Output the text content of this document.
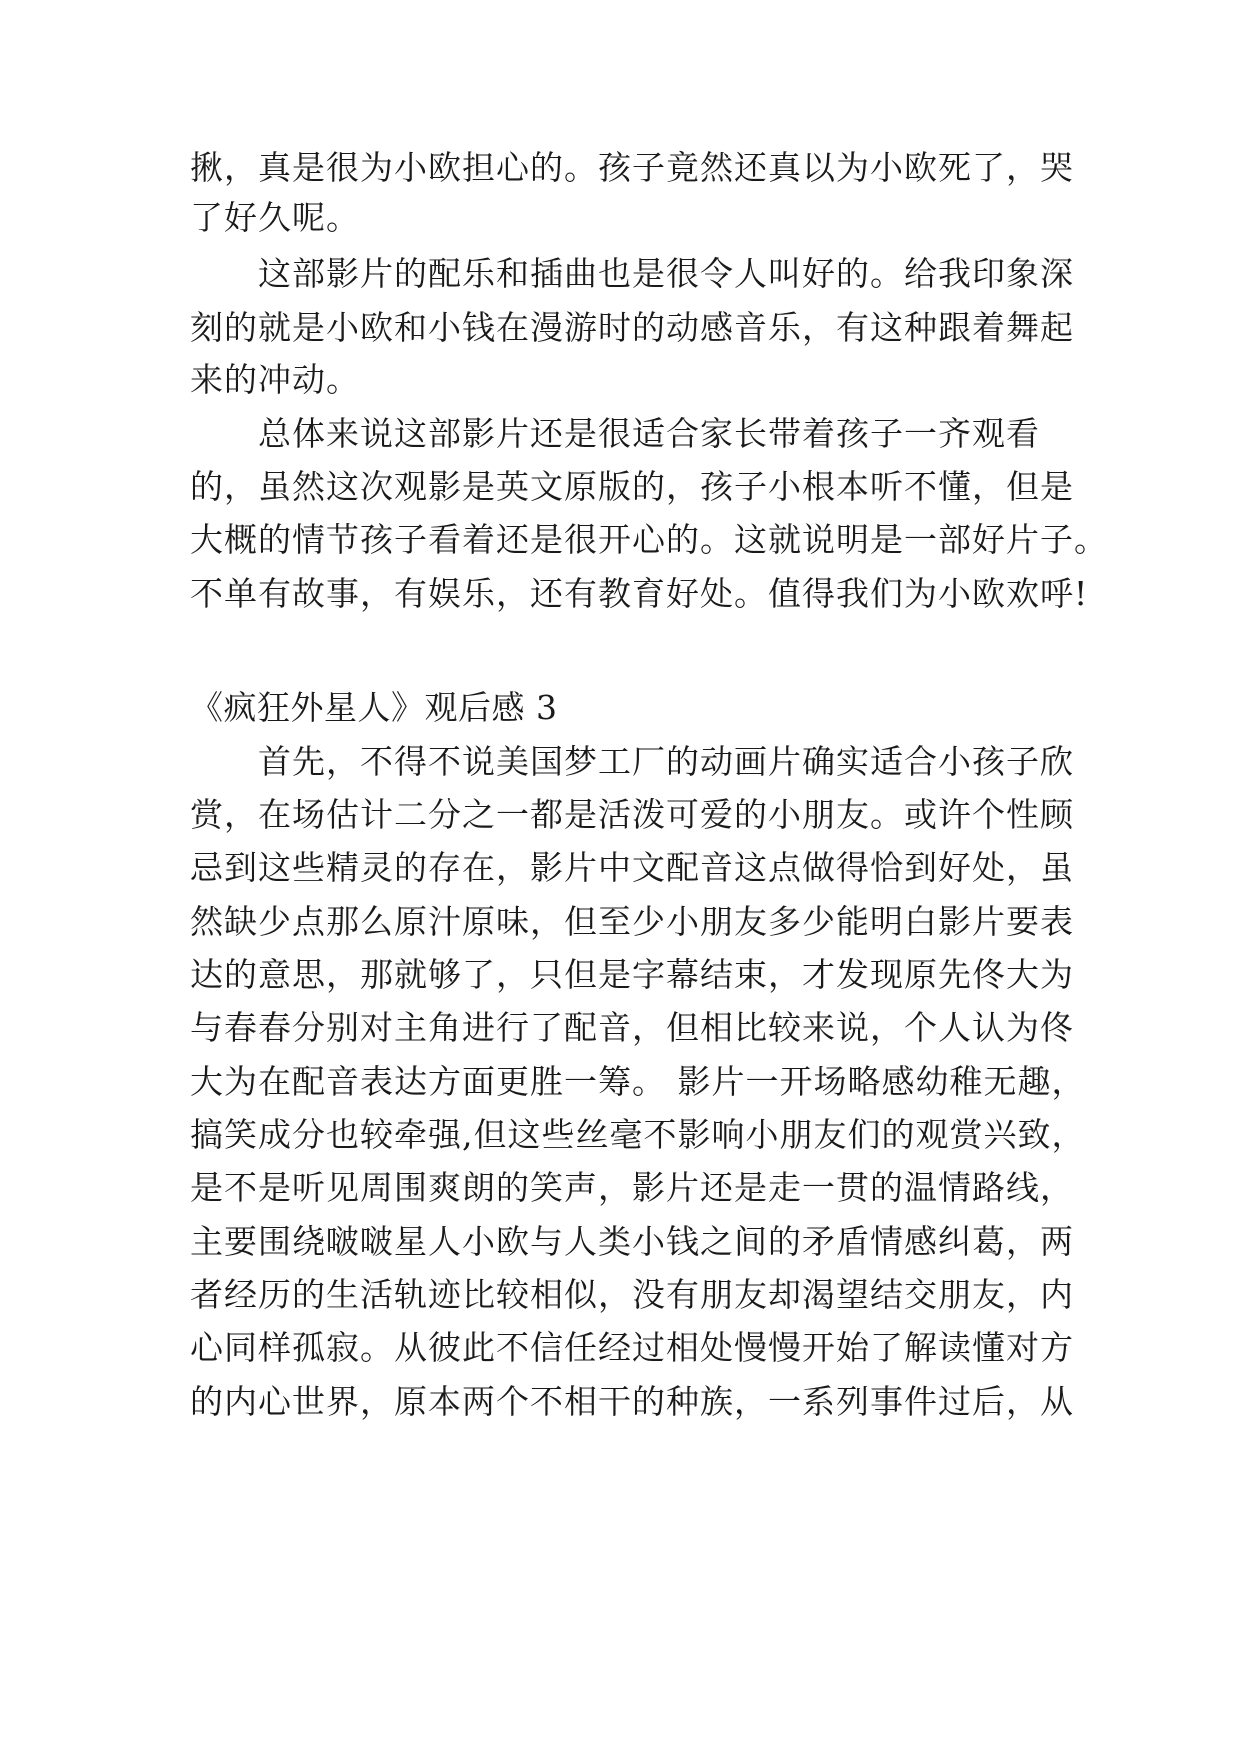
揪，真是很为小欧担心的。孩子竟然还真以为小欧死了，哭
了好久呢。
这部影片的配乐和插曲也是很令人叫好的。给我印象深
刻的就是小欧和小钱在漫游时的动感音乐，有这种跟着舞起
来的冲动。
总体来说这部影片还是很适合家长带着孩子一齐观看
的，虽然这次观影是英文原版的，孩子小根本听不懂，但是
大概的情节孩子看着还是很开心的。这就说明是一部好片子。
不单有故事，有娱乐，还有教育好处。值得我们为小欧欢呼!
《疯狂外星人》观后感 3
首先，不得不说美国梦工厂的动画片确实适合小孩子欣
赏，在场估计二分之一都是活泼可爱的小朋友。或许个性顾
忌到这些精灵的存在，影片中文配音这点做得恰到好处，虽
然缺少点那么原汁原味，但至少小朋友多少能明白影片要表
达的意思，那就够了，只但是字幕结束，才发现原先佟大为
与春春分别对主角进行了配音，但相比较来说，个人认为佟
大为在配音表达方面更胜一筹。 影片一开场略感幼稚无趣，
搞笑成分也较牵强,但这些丝毫不影响小朋友们的观赏兴致，
是不是听见周围爽朗的笑声，影片还是走一贯的温情路线，
主要围绕啵啵星人小欧与人类小钱之间的矛盾情感纠葛，两
者经历的生活轨迹比较相似，没有朋友却渴望结交朋友，内
心同样孤寂。从彼此不信任经过相处慢慢开始了解读懂对方
的内心世界，原本两个不相干的种族，一系列事件过后，从
